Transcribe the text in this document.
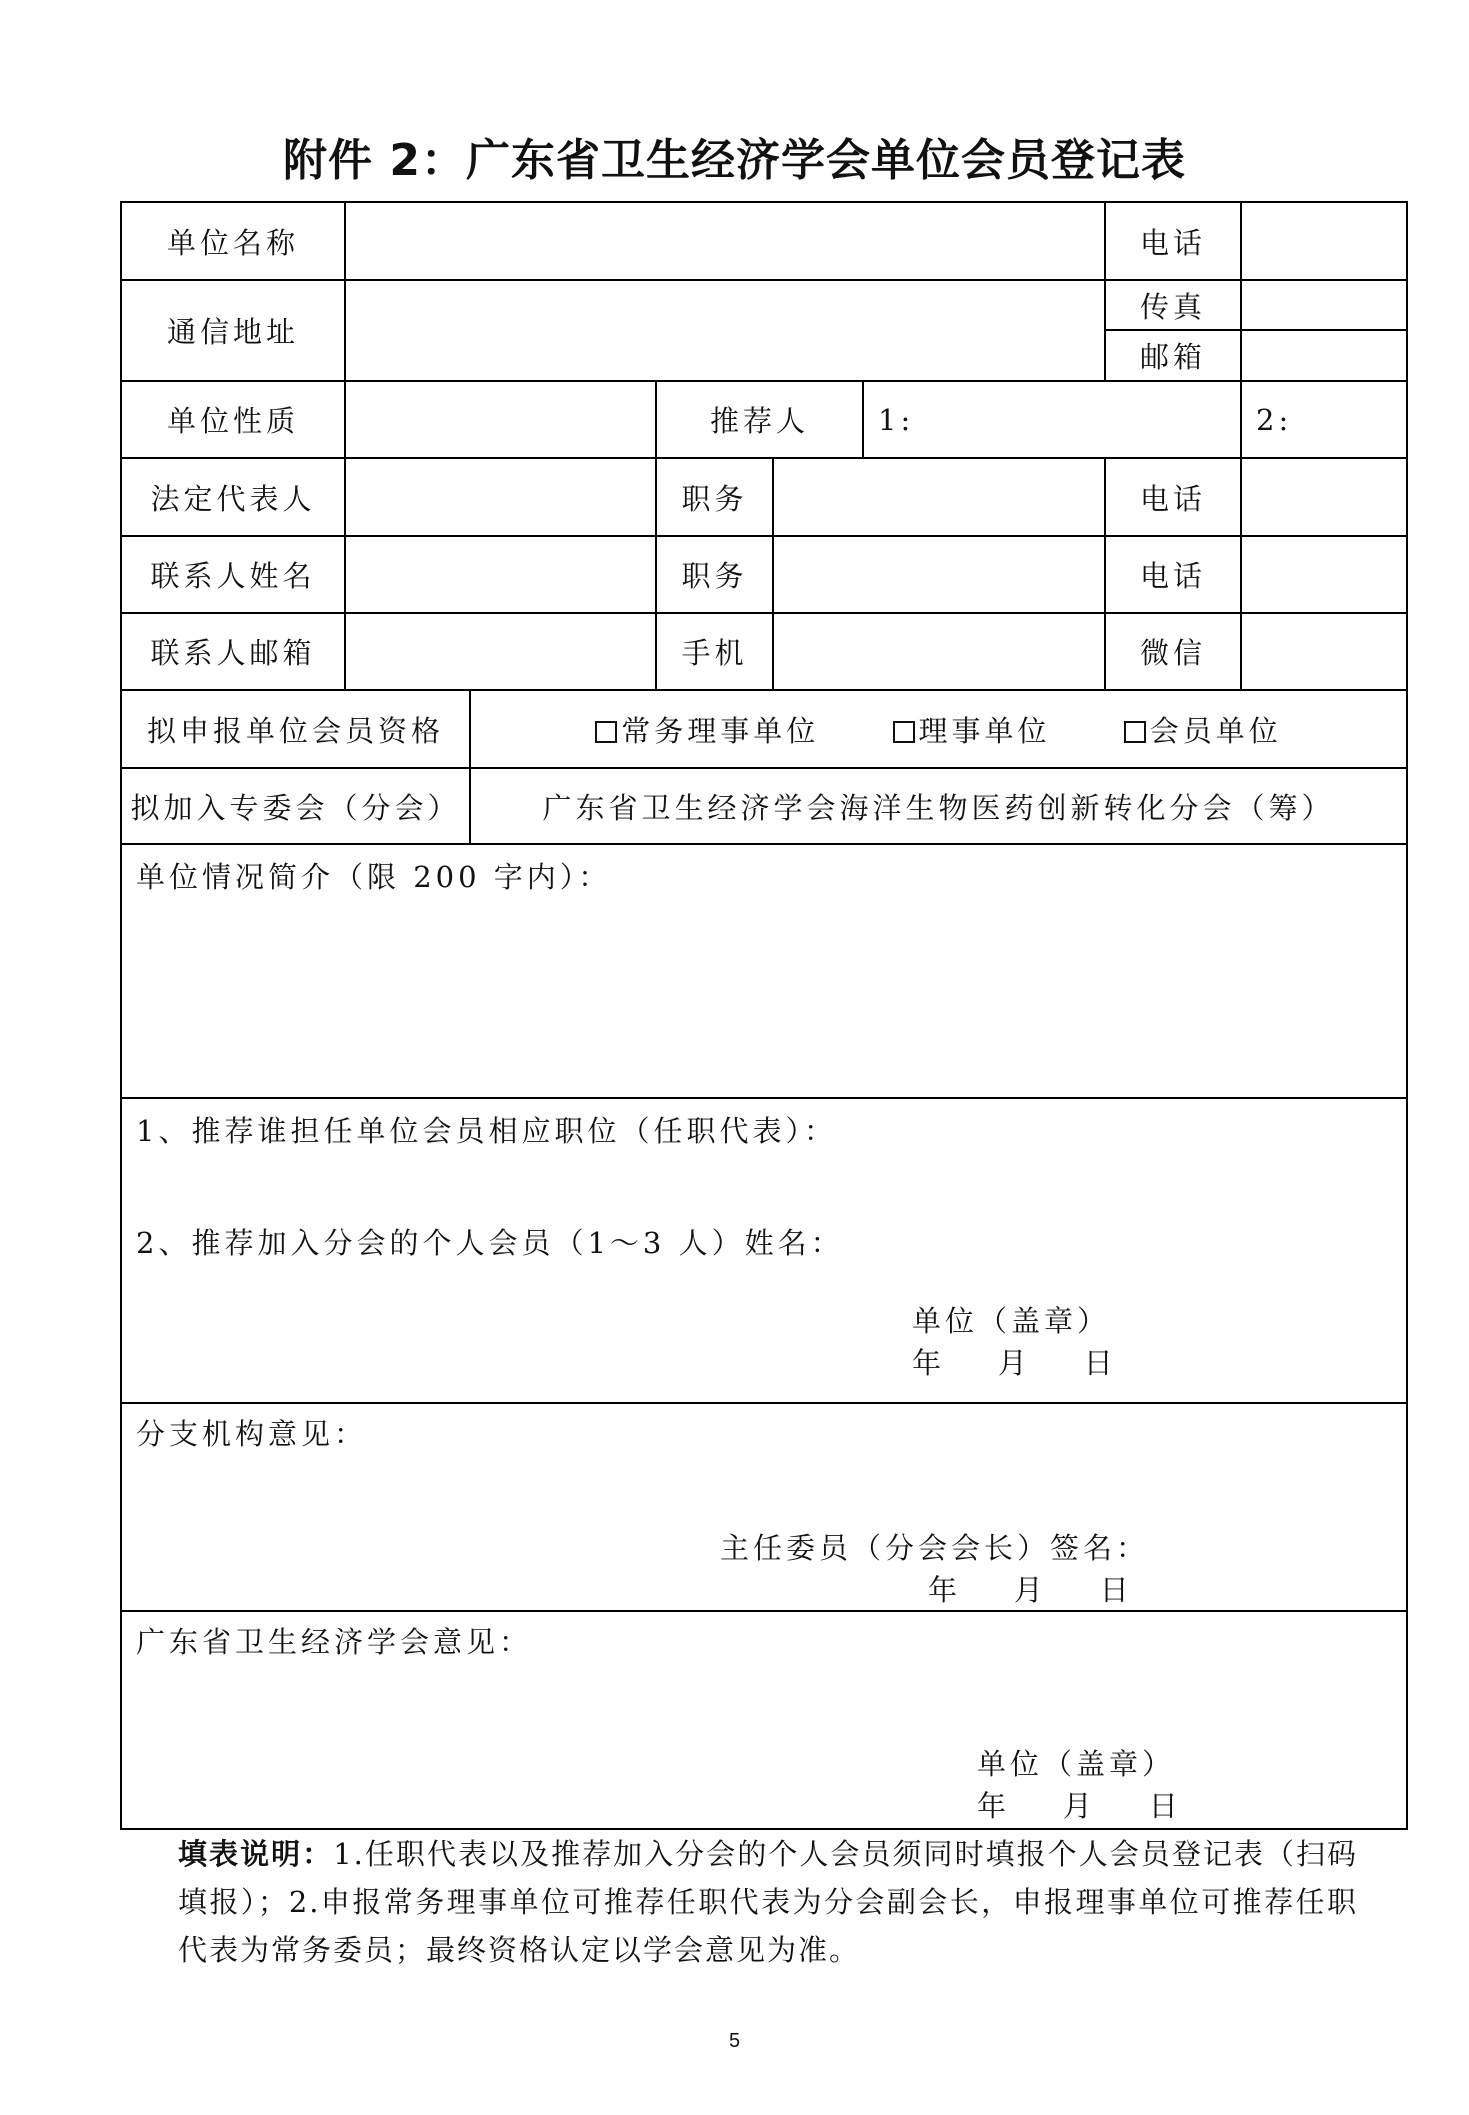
附件 2：广东省卫生经济学会单位会员登记表
单位名称						电话	
通信地址						传真	
						邮箱	
单位性质			推荐人		1:		2:
法定代表人			职务			电话	
联系人姓名			职务			电话	
联系人邮箱			手机			微信	
拟申报单位会员资格		常务理事单位 理事单位 会员单位					
拟加入专委会（分会）		广东省卫生经济学会海洋生物医药创新转化分会（筹）					
单位情况简介（限 200 字内）：							

1、推荐谁担任单位会员相应职位（任职代表）：
2、推荐加入分会的个人会员（1～3 人）姓名：
单位（盖章）
年    月    日							

分支机构意见：
主任委员（分会会长）签名：
年    月    日							

广东省卫生经济学会意见：
单位（盖章）
年    月    日							
填表说明：1.任职代表以及推荐加入分会的个人会员须同时填报个人会员登记表（扫码填报）；2.申报常务理事单位可推荐任职代表为分会副会长，申报理事单位可推荐任职代表为常务委员；最终资格认定以学会意见为准。
5
